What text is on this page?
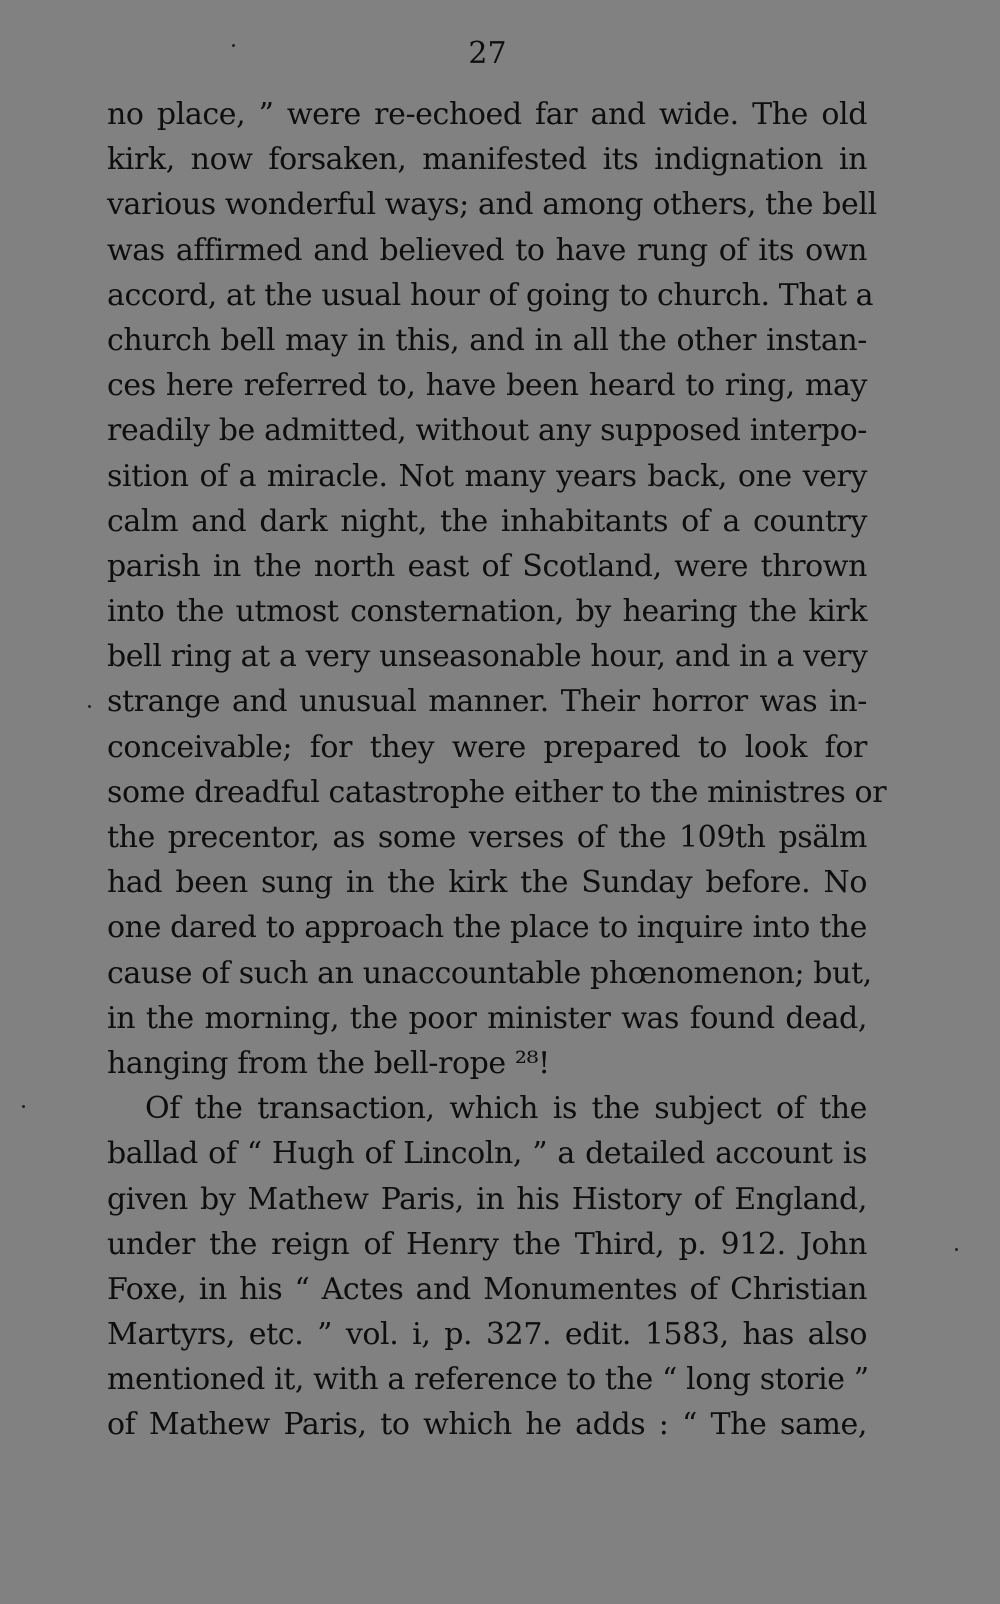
27
no place, ” were re-echoed far and wide. The old
kirk, now forsaken, manifested its indignation in
various wonderful ways; and among others, the bell
was affirmed and believed to have rung of its own
accord, at the usual hour of going to church. That a
church bell may in this, and in all the other instan-
ces here referred to, have been heard to ring, may
readily be admitted, without any supposed interpo-
sition of a miracle. Not many years back, one very
calm and dark night, the inhabitants of a country
parish in the north east of Scotland, were thrown
into the utmost consternation, by hearing the kirk
bell ring at a very unseasonable hour, and in a very
strange and unusual manner. Their horror was in-
conceivable; for they were prepared to look for
some dreadful catastrophe either to the ministres or
the precentor, as some verses of the 109th psälm
had been sung in the kirk the Sunday before. No
one dared to approach the place to inquire into the
cause of such an unaccountable phœnomenon; but,
in the morning, the poor minister was found dead,
hanging from the bell-rope ²⁸!
Of the transaction, which is the subject of the
ballad of “ Hugh of Lincoln, ” a detailed account is
given by Mathew Paris, in his History of England,
under the reign of Henry the Third, p. 912. John
Foxe, in his “ Actes and Monumentes of Christian
Martyrs, etc. ” vol. i, p. 327. edit. 1583, has also
mentioned it, with a reference to the “ long storie ”
of Mathew Paris, to which he adds : “ The same,
